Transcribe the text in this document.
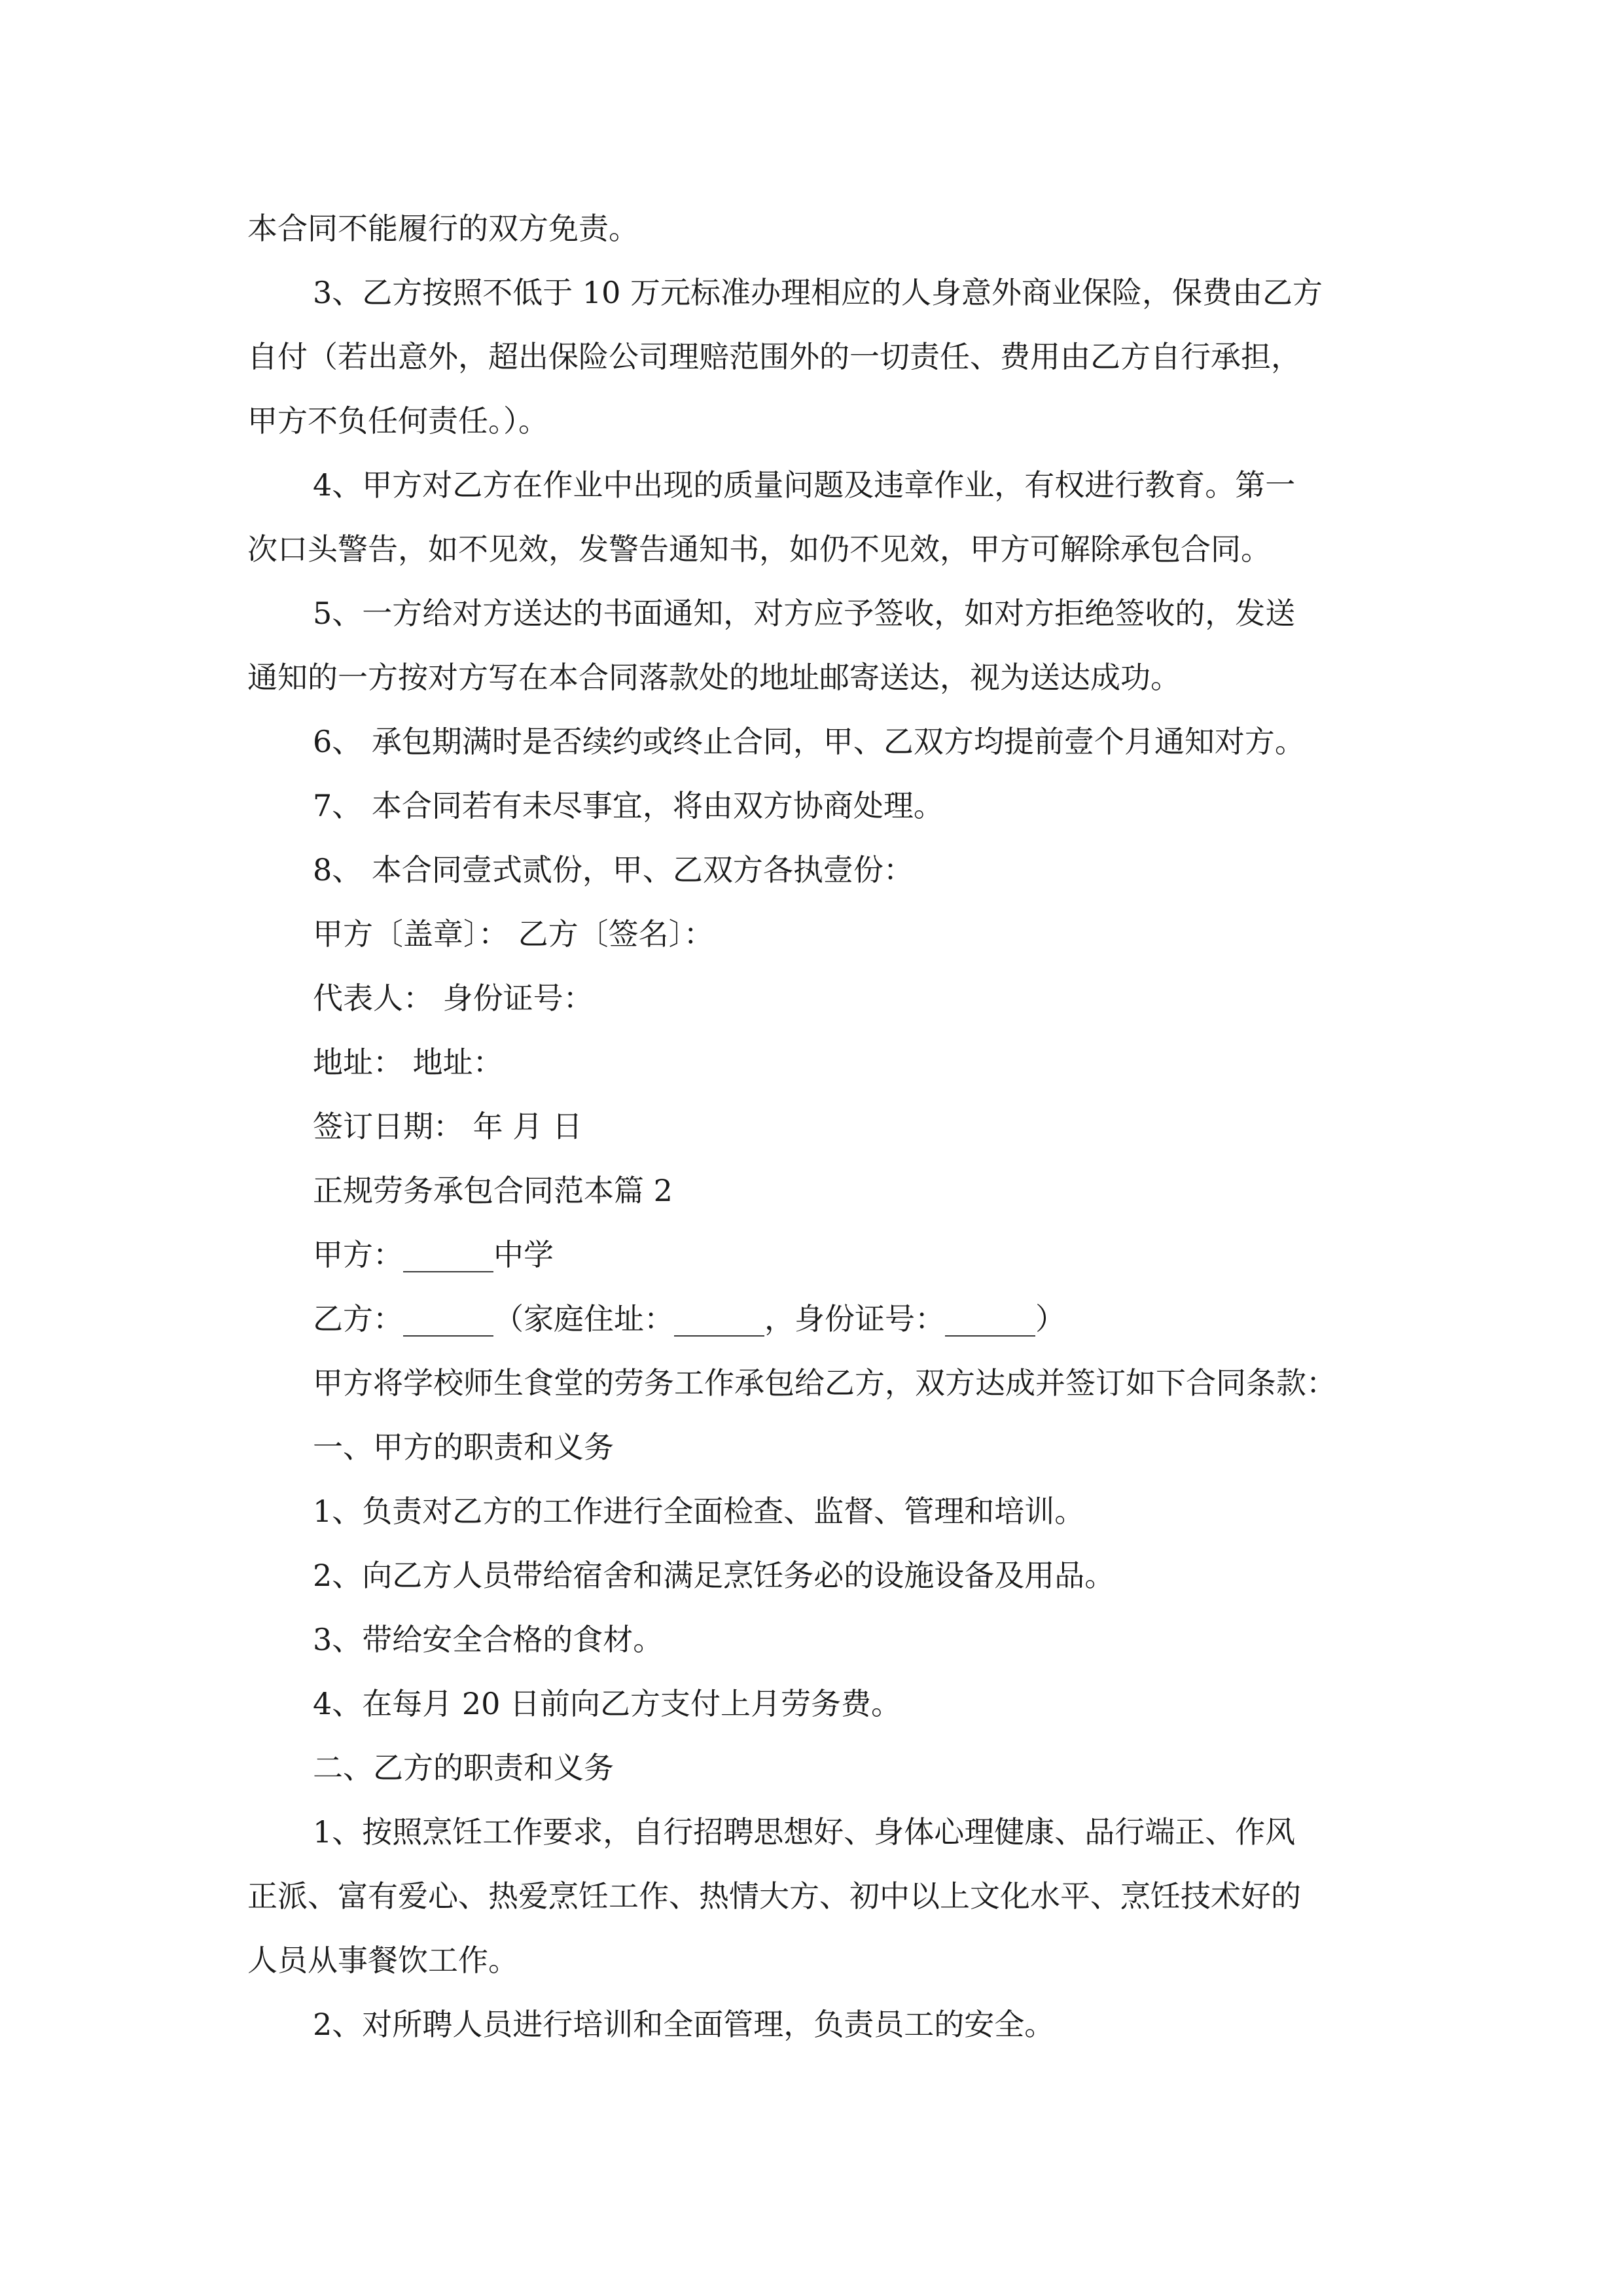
本合同不能履行的双方免责。

3、乙方按照不低于 10 万元标准办理相应的人身意外商业保险，保费由乙方

自付（若出意外，超出保险公司理赔范围外的一切责任、费用由乙方自行承担，

甲方不负任何责任。）。

4、甲方对乙方在作业中出现的质量问题及违章作业，有权进行教育。第一

次口头警告，如不见效，发警告通知书，如仍不见效，甲方可解除承包合同。

5、一方给对方送达的书面通知，对方应予签收，如对方拒绝签收的，发送

通知的一方按对方写在本合同落款处的地址邮寄送达，视为送达成功。

6、 承包期满时是否续约或终止合同，甲、乙双方均提前壹个月通知对方。

7、 本合同若有未尽事宜，将由双方协商处理。

8、 本合同壹式贰份，甲、乙双方各执壹份：

甲方〔盖章〕： 乙方〔签名〕：

代表人： 身份证号：

地址： 地址：

签订日期： 年 月 日

正规劳务承包合同范本篇 2

甲方：______中学

乙方：______（家庭住址：______，身份证号：______）

甲方将学校师生食堂的劳务工作承包给乙方，双方达成并签订如下合同条款：

一、甲方的职责和义务

1、负责对乙方的工作进行全面检查、监督、管理和培训。

2、向乙方人员带给宿舍和满足烹饪务必的设施设备及用品。

3、带给安全合格的食材。

4、在每月 20 日前向乙方支付上月劳务费。

二、乙方的职责和义务

1、按照烹饪工作要求，自行招聘思想好、身体心理健康、品行端正、作风

正派、富有爱心、热爱烹饪工作、热情大方、初中以上文化水平、烹饪技术好的

人员从事餐饮工作。

2、对所聘人员进行培训和全面管理，负责员工的安全。
